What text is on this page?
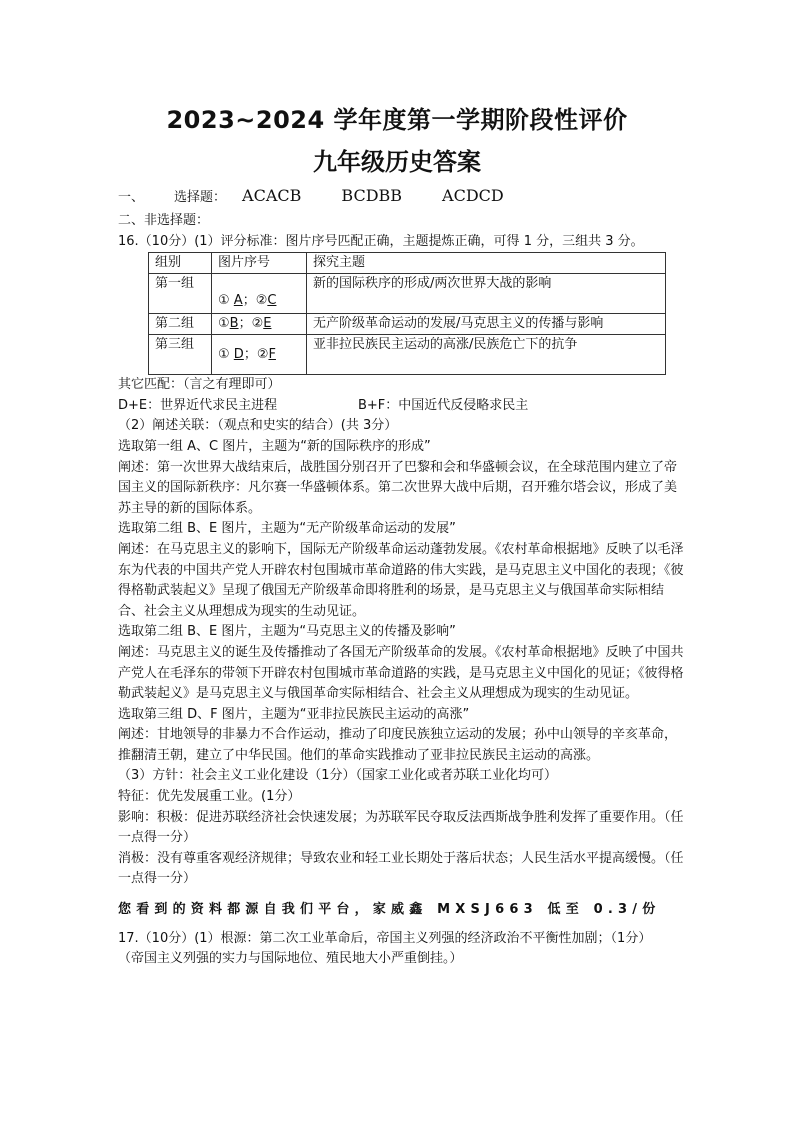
2023~2024 学年度第一学期阶段性评价
九年级历史答案
一、 选择题： ACACB	BCDBB	ACDCD
二、非选择题：
16.（10分）(1）评分标准：图片序号匹配正确，主题提炼正确，可得 1 分，三组共 3 分。
组别	图片序号	探究主题
第一组	① A；②C	新的国际秩序的形成/两次世界大战的影响
第二组	①B；②E	无产阶级革命运动的发展/马克思主义的传播与影响
第三组	① D；②F	亚非拉民族民主运动的高涨/民族危亡下的抗争
其它匹配：（言之有理即可）
D+E：世界近代求民主进程	B+F：中国近代反侵略求民主
（2）阐述关联：（观点和史实的结合）(共 3分）
选取第一组 A、C 图片，主题为“新的国际秩序的形成”
阐述：第一次世界大战结束后，战胜国分别召开了巴黎和会和华盛顿会议，在全球范围内建立了帝国主义的国际新秩序：凡尔赛一华盛顿体系。第二次世界大战中后期，召开雅尔塔会议，形成了美苏主导的新的国际体系。
选取第二组 B、E 图片，主题为“无产阶级革命运动的发展”
阐述：在马克思主义的影响下，国际无产阶级革命运动蓬勃发展。《农村革命根据地》反映了以毛泽东为代表的中国共产党人开辟农村包围城市革命道路的伟大实践，是马克思主义中国化的表现；《彼得格勒武装起义》呈现了俄国无产阶级革命即将胜利的场景，是马克思主义与俄国革命实际相结合、社会主义从理想成为现实的生动见证。
选取第二组 B、E 图片，主题为“马克思主义的传播及影响”
阐述：马克思主义的诞生及传播推动了各国无产阶级革命的发展。《农村革命根据地》反映了中国共产党人在毛泽东的带领下开辟农村包围城市革命道路的实践，是马克思主义中国化的见证；《彼得格勒武装起义》是马克思主义与俄国革命实际相结合、社会主义从理想成为现实的生动见证。
选取第三组 D、F 图片，主题为“亚非拉民族民主运动的高涨”
阐述：甘地领导的非暴力不合作运动，推动了印度民族独立运动的发展；孙中山领导的辛亥革命，推翻清王朝，建立了中华民国。他们的革命实践推动了亚非拉民族民主运动的高涨。
（3）方针：社会主义工业化建设（1分）（国家工业化或者苏联工业化均可）
特征：优先发展重工业。(1分）
影响：积极：促进苏联经济社会快速发展；为苏联军民夺取反法西斯战争胜利发挥了重要作用。（任一点得一分）
消极：没有尊重客观经济规律；导致农业和轻工业长期处于落后状态；人民生活水平提高缓慢。（任一点得一分）
您看到的资料都源自我们平台，家威鑫 MXSJ663 低至 0.3/份
17.（10分）(1）根源：第二次工业革命后，帝国主义列强的经济政治不平衡性加剧；（1分）
（帝国主义列强的实力与国际地位、殖民地大小严重倒挂。）
